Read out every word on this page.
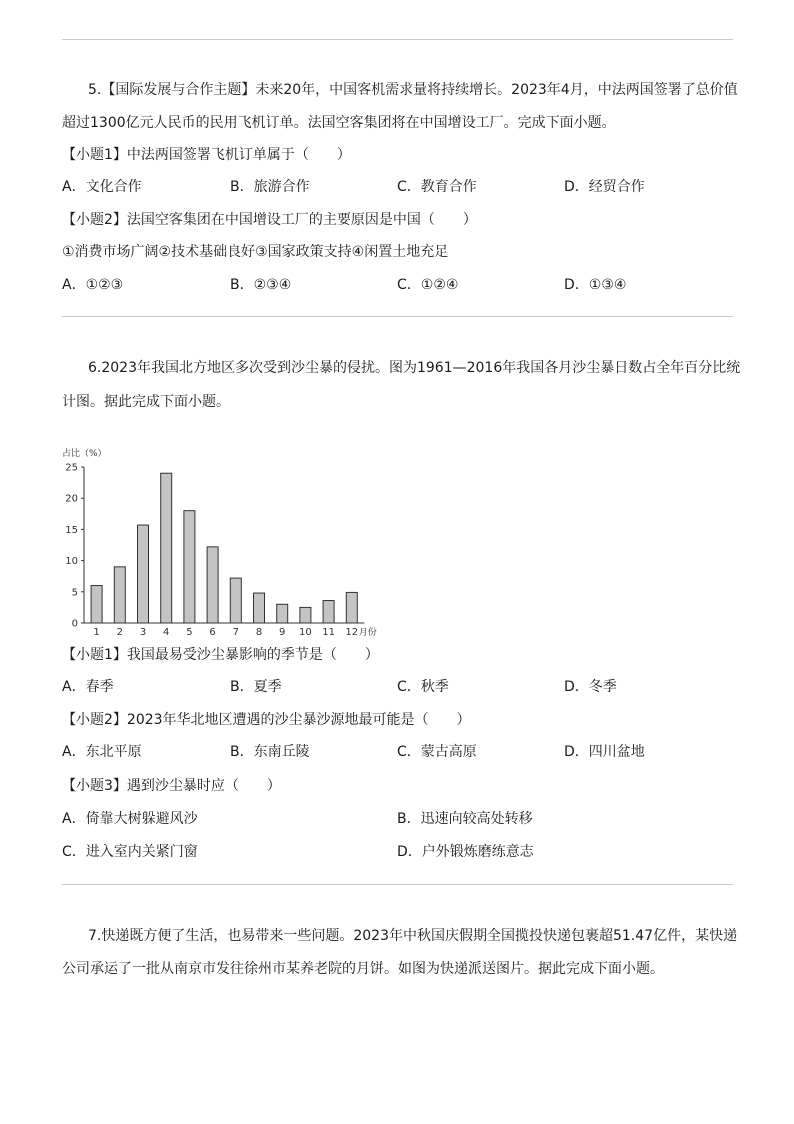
5.【国际发展与合作主题】未来20年，中国客机需求量将持续增长。2023年4月，中法两国签署了总价值
超过1300亿元人民币的民用飞机订单。法国空客集团将在中国增设工厂。完成下面小题。
【小题1】中法两国签署飞机订单属于（　　）
A．文化合作	B．旅游合作	C．教育合作	D．经贸合作
【小题2】法国空客集团在中国增设工厂的主要原因是中国（　　）
①消费市场广阔②技术基础良好③国家政策支持④闲置土地充足
A．①②③	B．②③④	C．①②④	D．①③④
6.2023年我国北方地区多次受到沙尘暴的侵扰。图为1961—2016年我国各月沙尘暴日数占全年百分比统
计图。据此完成下面小题。
占比（%）
0
5
10
15
20
25
1 2 3 4 5 6 7 8 9 10 11 12 月份
【小题1】我国最易受沙尘暴影响的季节是（　　）
A．春季	B．夏季	C．秋季	D．冬季
【小题2】2023年华北地区遭遇的沙尘暴沙源地最可能是（　　）
A．东北平原	B．东南丘陵	C．蒙古高原	D．四川盆地
【小题3】遇到沙尘暴时应（　　）
A．倚靠大树躲避风沙	B．迅速向较高处转移
C．进入室内关紧门窗	D．户外锻炼磨练意志
7.快递既方便了生活，也易带来一些问题。2023年中秋国庆假期全国揽投快递包裹超51.47亿件，某快递
公司承运了一批从南京市发往徐州市某养老院的月饼。如图为快递派送图片。据此完成下面小题。
